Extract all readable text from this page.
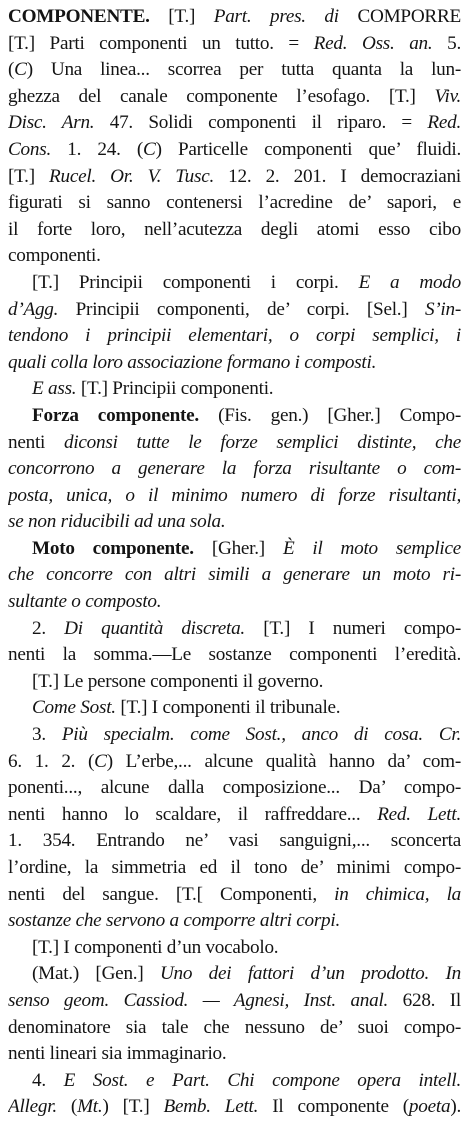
COMPONENTE. [T.] Part. pres. di COMPORRE
[T.] Parti componenti un tutto. = Red. Oss. an. 5.
(C) Una linea... scorrea per tutta quanta la lun-
ghezza del canale componente l’esofago. [T.] Viv.
Disc. Arn. 47. Solidi componenti il riparo. = Red.
Cons. 1. 24. (C) Particelle componenti que’ fluidi.
[T.] Rucel. Or. V. Tusc. 12. 2. 201. I democraziani
figurati si sanno contenersi l’acredine de’ sapori, e
il forte loro, nell’acutezza degli atomi esso cibo
componenti.
[T.] Principii componenti i corpi. E a modo
d’Agg. Principii componenti, de’ corpi. [Sel.] S’in-
tendono i principii elementari, o corpi semplici, i
quali colla loro associazione formano i composti.
E ass. [T.] Principii componenti.
Forza componente. (Fis. gen.) [Gher.] Compo-
nenti diconsi tutte le forze semplici distinte, che
concorrono a generare la forza risultante o com-
posta, unica, o il minimo numero di forze risultanti,
se non riducibili ad una sola.
Moto componente. [Gher.] È il moto semplice
che concorre con altri simili a generare un moto ri-
sultante o composto.
2. Di quantità discreta. [T.] I numeri compo-
nenti la somma.—Le sostanze componenti l’eredità.
[T.] Le persone componenti il governo.
Come Sost. [T.] I componenti il tribunale.
3. Più specialm. come Sost., anco di cosa. Cr.
6. 1. 2. (C) L’erbe,... alcune qualità hanno da’ com-
ponenti..., alcune dalla composizione... Da’ compo-
nenti hanno lo scaldare, il raffreddare... Red. Lett.
1. 354. Entrando ne’ vasi sanguigni,... sconcerta
l’ordine, la simmetria ed il tono de’ minimi compo-
nenti del sangue. [T.[ Componenti, in chimica, la
sostanze che servono a comporre altri corpi.
[T.] I componenti d’un vocabolo.
(Mat.) [Gen.] Uno dei fattori d’un prodotto. In
senso geom. Cassiod. — Agnesi, Inst. anal. 628. Il
denominatore sia tale che nessuno de’ suoi compo-
nenti lineari sia immaginario.
4. E Sost. e Part. Chi compone opera intell.
Allegr. (Mt.) [T.] Bemb. Lett. Il componente (poeta).
